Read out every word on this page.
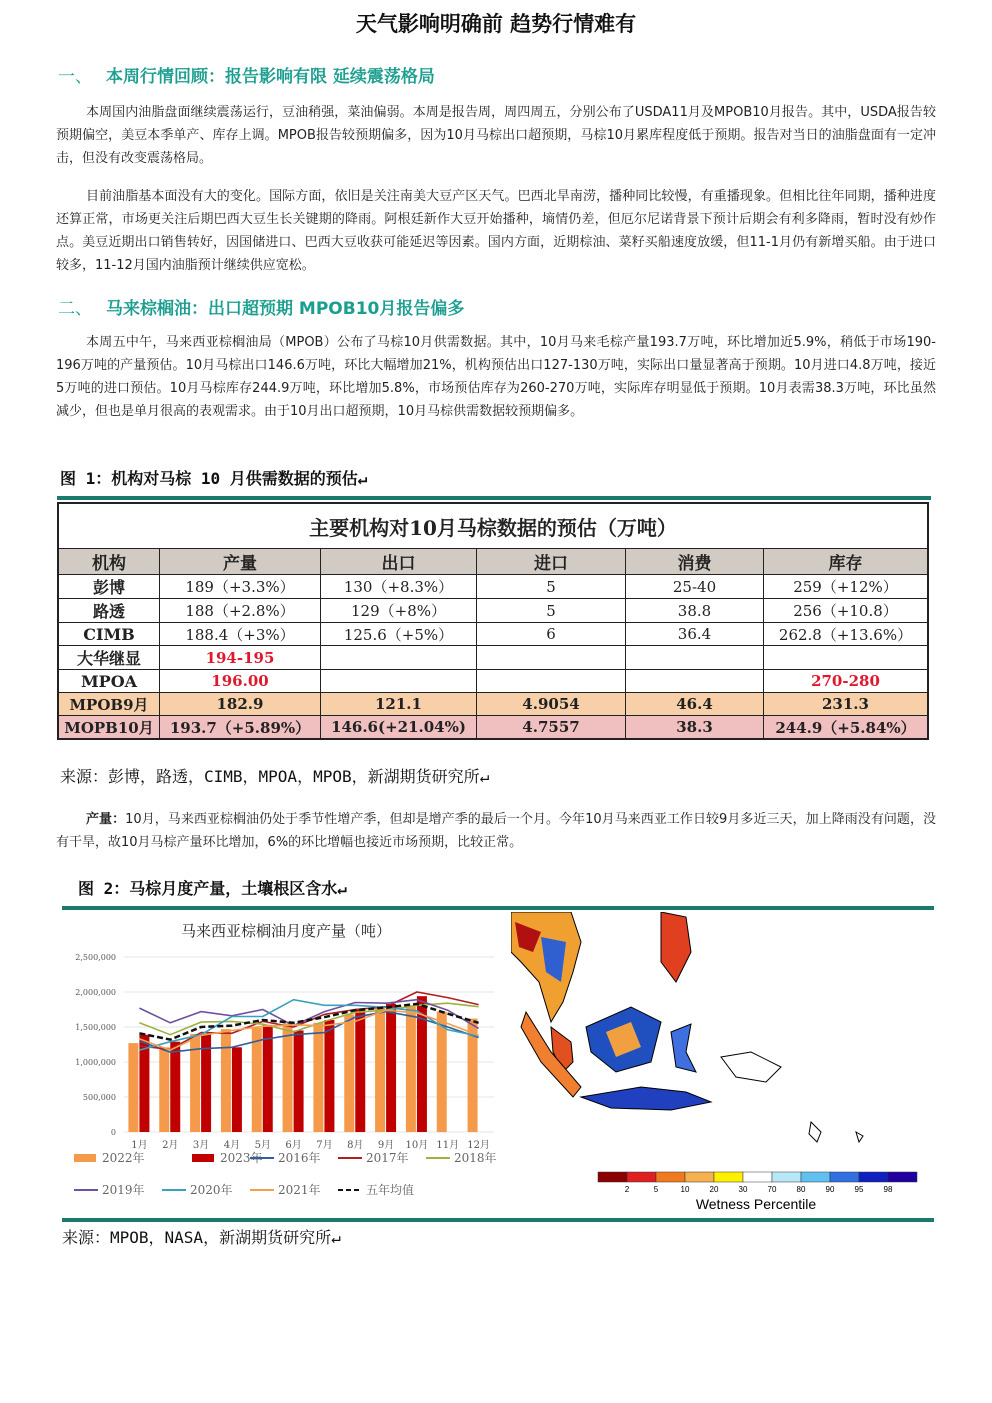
天气影响明确前 趋势行情难有
一、 本周行情回顾：报告影响有限 延续震荡格局
本周国内油脂盘面继续震荡运行，豆油稍强，菜油偏弱。本周是报告周，周四周五，分别公布了USDA11月及MPOB10月报告。其中，USDA报告较预期偏空，美豆本季单产、库存上调。MPOB报告较预期偏多，因为10月马棕出口超预期，马棕10月累库程度低于预期。报告对当日的油脂盘面有一定冲击，但没有改变震荡格局。
目前油脂基本面没有大的变化。国际方面，依旧是关注南美大豆产区天气。巴西北旱南涝，播种同比较慢，有重播现象。但相比往年同期，播种进度还算正常，市场更关注后期巴西大豆生长关键期的降雨。阿根廷新作大豆开始播种，墒情仍差，但厄尔尼诺背景下预计后期会有利多降雨，暂时没有炒作点。美豆近期出口销售转好，因国储进口、巴西大豆收获可能延迟等因素。国内方面，近期棕油、菜籽买船速度放缓，但11-1月仍有新增买船。由于进口较多，11-12月国内油脂预计继续供应宽松。
二、 马来棕榈油：出口超预期 MPOB10月报告偏多
本周五中午，马来西亚棕榈油局（MPOB）公布了马棕10月供需数据。其中，10月马来毛棕产量193.7万吨，环比增加近5.9%，稍低于市场190-196万吨的产量预估。10月马棕出口146.6万吨，环比大幅增加21%，机构预估出口127-130万吨，实际出口量显著高于预期。10月进口4.8万吨，接近5万吨的进口预估。10月马棕库存244.9万吨，环比增加5.8%，市场预估库存为260-270万吨，实际库存明显低于预期。10月表需38.3万吨，环比虽然减少，但也是单月很高的表观需求。由于10月出口超预期，10月马棕供需数据较预期偏多。
图 1：机构对马棕 10 月供需数据的预估↵
主要机构对10月马棕数据的预估（万吨）					
机构	产量	出口	进口	消费	库存
彭博	189（+3.3%）	130（+8.3%）	5	25-40	259（+12%）
路透	188（+2.8%）	129（+8%）	5	38.8	256（+10.8）
CIMB	188.4（+3%）	125.6（+5%）	6	36.4	262.8（+13.6%）
大华继显	194-195				
MPOA	196.00				270-280
MPOB9月	182.9	121.1	4.9054	46.4	231.3
MOPB10月	193.7（+5.89%）	146.6(+21.04%)	4.7557	38.3	244.9（+5.84%）
来源：彭博，路透，CIMB，MPOA，MPOB，新湖期货研究所↵
产量：10月，马来西亚棕榈油仍处于季节性增产季，但却是增产季的最后一个月。今年10月马来西亚工作日较9月多近三天，加上降雨没有问题，没有干旱，故10月马棕产量环比增加，6%的环比增幅也接近市场预期，比较正常。
图 2：马棕月度产量，土壤根区含水↵
马来西亚棕榈油月度产量（吨）
2,500,000
2,000,000
1,500,000
1,000,000
500,000
0
1月 2月 3月 4月 5月 6月 7月 8月 9月 10月 11月 12月
2022年	2023年 2016年	2017年	2018年
2019年	2020年	2021年	五年均值	2	5	10	20	30	70	80	90	95	98
Wetness Percentile
来源：MPOB，NASA，新湖期货研究所↵
